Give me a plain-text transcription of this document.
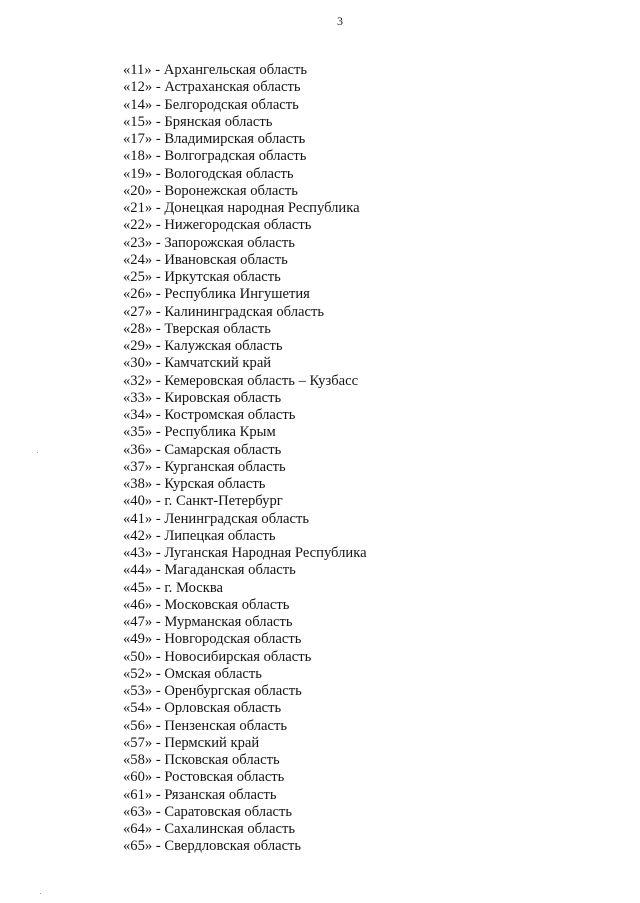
3
«11» - Архангельская область
«12» - Астраханская область
«14» - Белгородская область
«15» - Брянская область
«17» - Владимирская область
«18» - Волгоградская область
«19» - Вологодская область
«20» - Воронежская область
«21» - Донецкая народная Республика
«22» - Нижегородская область
«23» - Запорожская область
«24» - Ивановская область
«25» - Иркутская область
«26» - Республика Ингушетия
«27» - Калининградская область
«28» - Тверская область
«29» - Калужская область
«30» - Камчатский край
«32» - Кемеровская область – Кузбасс
«33» - Кировская область
«34» - Костромская область
«35» - Республика Крым
«36» - Самарская область
«37» - Курганская область
«38» - Курская область
«40» - г. Санкт-Петербург
«41» - Ленинградская область
«42» - Липецкая область
«43» - Луганская Народная Республика
«44» - Магаданская область
«45» - г. Москва
«46» - Московская область
«47» - Мурманская область
«49» - Новгородская область
«50» - Новосибирская область
«52» - Омская область
«53» - Оренбургская область
«54» - Орловская область
«56» - Пензенская область
«57» - Пермский край
«58» - Псковская область
«60» - Ростовская область
«61» - Рязанская область
«63» - Саратовская область
«64» - Сахалинская область
«65» - Свердловская область
